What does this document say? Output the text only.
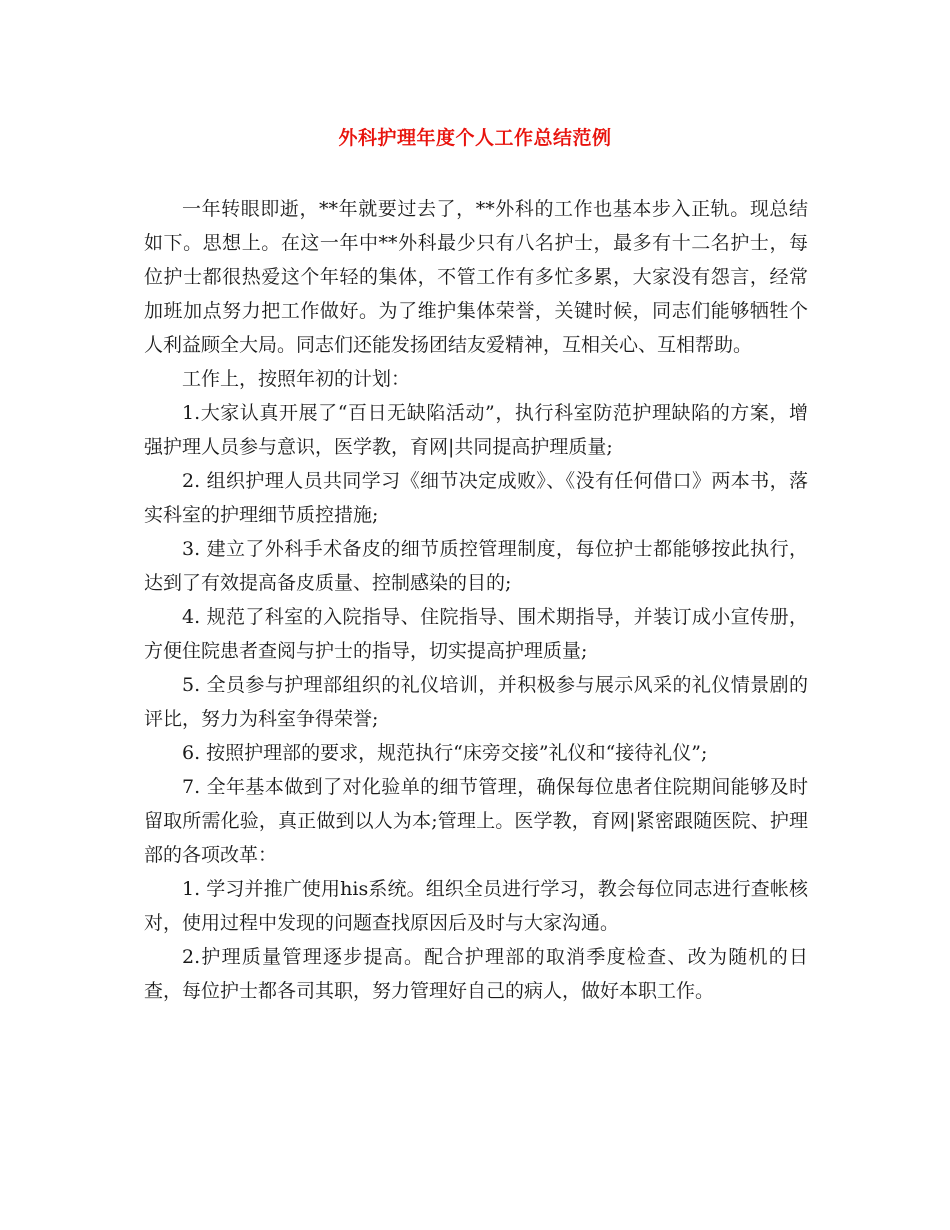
外科护理年度个人工作总结范例

一年转眼即逝，**年就要过去了，**外科的工作也基本步入正轨。现总结如下。思想上。在这一年中**外科最少只有八名护士，最多有十二名护士，每位护士都很热爱这个年轻的集体，不管工作有多忙多累，大家没有怨言，经常加班加点努力把工作做好。为了维护集体荣誉，关键时候，同志们能够牺牲个人利益顾全大局。同志们还能发扬团结友爱精神，互相关心、互相帮助。

工作上，按照年初的计划：

1.大家认真开展了“百日无缺陷活动”，执行科室防范护理缺陷的方案，增强护理人员参与意识，医学教，育网|共同提高护理质量;

2. 组织护理人员共同学习《细节决定成败》、《没有任何借口》两本书，落实科室的护理细节质控措施;

3. 建立了外科手术备皮的细节质控管理制度，每位护士都能够按此执行，达到了有效提高备皮质量、控制感染的目的;

4. 规范了科室的入院指导、住院指导、围术期指导，并装订成小宣传册，方便住院患者查阅与护士的指导，切实提高护理质量;

5. 全员参与护理部组织的礼仪培训，并积极参与展示风采的礼仪情景剧的评比，努力为科室争得荣誉;

6. 按照护理部的要求，规范执行“床旁交接”礼仪和“接待礼仪”;

7. 全年基本做到了对化验单的细节管理，确保每位患者住院期间能够及时留取所需化验，真正做到以人为本;管理上。医学教，育网|紧密跟随医院、护理部的各项改革：

1. 学习并推广使用his系统。组织全员进行学习，教会每位同志进行查帐核对，使用过程中发现的问题查找原因后及时与大家沟通。

2.护理质量管理逐步提高。配合护理部的取消季度检查、改为随机的日查，每位护士都各司其职，努力管理好自己的病人，做好本职工作。
